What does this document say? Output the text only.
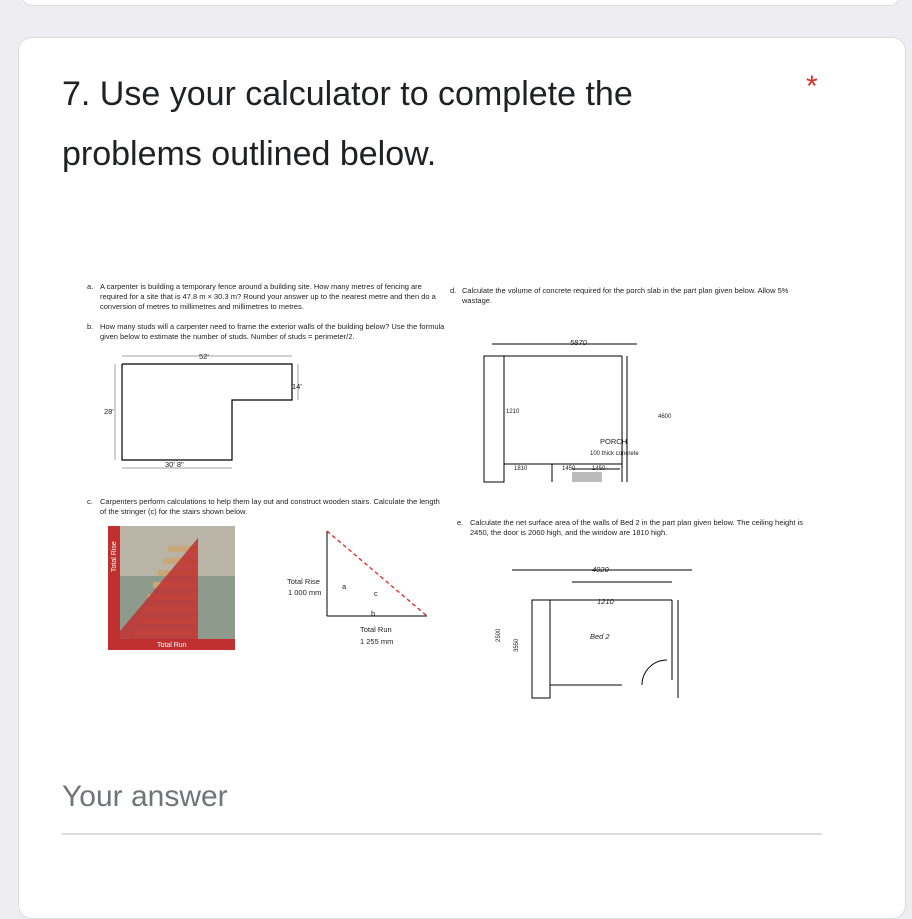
7. Use your calculator to complete the problems outlined below.
*
a. A carpenter is building a temporary fence around a building site. How many metres of fencing are required for a site that is 47.8 m × 30.3 m? Round your answer up to the nearest metre and then do a conversion of metres to millimetres and millimetres to metres.
b. How many studs will a carpenter need to frame the exterior walls of the building below? Use the formula given below to estimate the number of studs. Number of studs = perimeter/2.
52'
14'
28'
30' 8"
c. Carpenters perform calculations to help them lay out and construct wooden stairs. Calculate the length of the stringer (c) for the stairs shown below.
Total Rise
Total Run
Total Rise
1 000 mm
a
c
b
Total Run
1 255 mm
d. Calculate the volume of concrete required for the porch slab in the part plan given below. Allow 5% wastage.
5870
PORCH
100 thick concrete
1210
4600
1810	1450	1450
e. Calculate the net surface area of the walls of Bed 2 in the part plan given below. The ceiling height is 2450, the door is 2060 high, and the window are 1810 high.
4020
1210
Bed 2
2500
3550
Your answer
